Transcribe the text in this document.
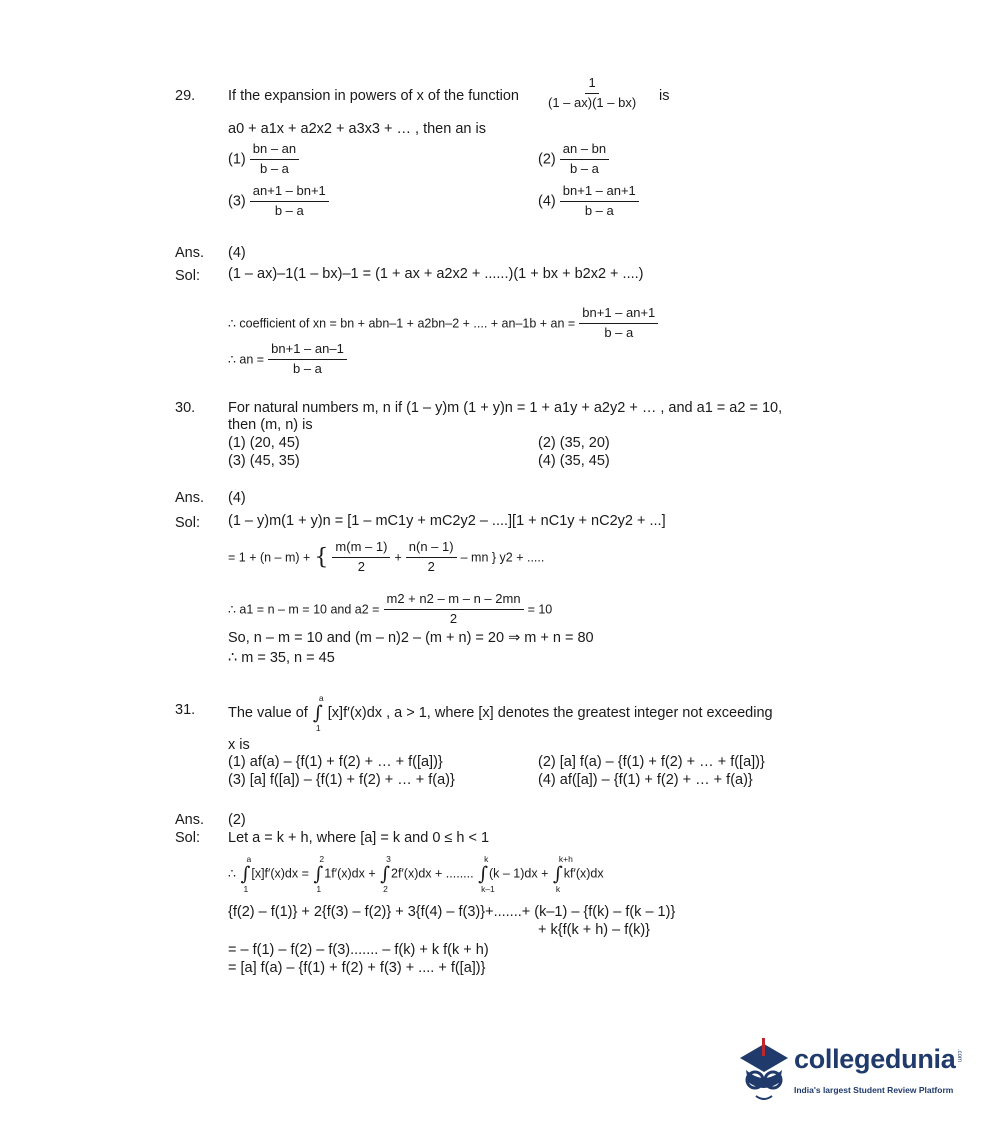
29. If the expansion in powers of x of the function $\frac{1}{(1 - ax)(1 - bx)}$ is
a0 + a1x + a2x2 + a3x3 + … , then an is
$(1) \frac{bn - an}{b - a}$	$(2) \frac{an - bn}{b - a}$
$(3) \frac{an+1 - bn+1}{b - a}$	$(4) \frac{bn+1 - an+1}{b - a}$
Ans. (4)
Sol: (1 – ax)–1(1 – bx)–1 = (1 + ax + a2x2 + ......)(1 + bx + b2x2 + ....)
∴ coefficient of xn = bn + abn–1 + a2bn–2 + .... + an–1b + an = $\frac{bn+1 - an+1}{b - a}$
∴ an = $\frac{bn+1 - an-1}{b - a}$
30. For natural numbers m, n if (1 – y)m (1 + y)n = 1 + a1y + a2y2 + … , and a1 = a2 = 10,
then (m, n) is
(1) (20, 45)	(2) (35, 20)
(3) (45, 35)	(4) (35, 45)
Ans. (4)
Sol: (1 – y)m(1 + y)n = [1 – mC1y + mC2y2 – ....][1 + nC1y + nC2y2 + ...]
= 1 + (n – m) + { $\frac{m(m - 1)}{2} + \frac{n(n - 1)}{2}$ – mn } y2 + .....
∴ a1 = n – m = 10 and $a2 = \frac{m2 + n2 - m - n - 2mn}{2} = 10$
So, n – m = 10 and (m – n)2 – (m + n) = 20 ⇒ m + n = 80
∴ m = 35, n = 45
31. The value of ∫
a
1
[x]f′(x)dx , a > 1, where [x] denotes the greatest integer not exceeding
x is
(1) af(a) – {f(1) + f(2) + … + f([a])}	(2) [a] f(a) – {f(1) + f(2) + … + f([a])}
(3) [a] f([a]) – {f(1) + f(2) + … + f(a)}	(4) af([a]) – {f(1) + f(2) + … + f(a)}
Ans. (2)
Sol: Let a = k + h, where [a] = k and 0 ≤ h < 1
∴ ∫
a
1
[x]f′(x)dx = ∫
2
1
1f′(x)dx + ∫
3
2
2f′(x)dx + ........ ∫
k
k–1
(k – 1)dx + ∫
k+h
k
kf′(x)dx
{f(2) – f(1)} + 2{f(3) – f(2)} + 3{f(4) – f(3)}+.......+ (k–1) – {f(k) – f(k – 1)}
+ k{f(k + h) – f(k)}
= – f(1) – f(2) – f(3)....... – f(k) + k f(k + h)
= [a] f(a) – {f(1) + f(2) + f(3) + .... + f([a])}
collegedunia .com
India's largest Student Review Platform
